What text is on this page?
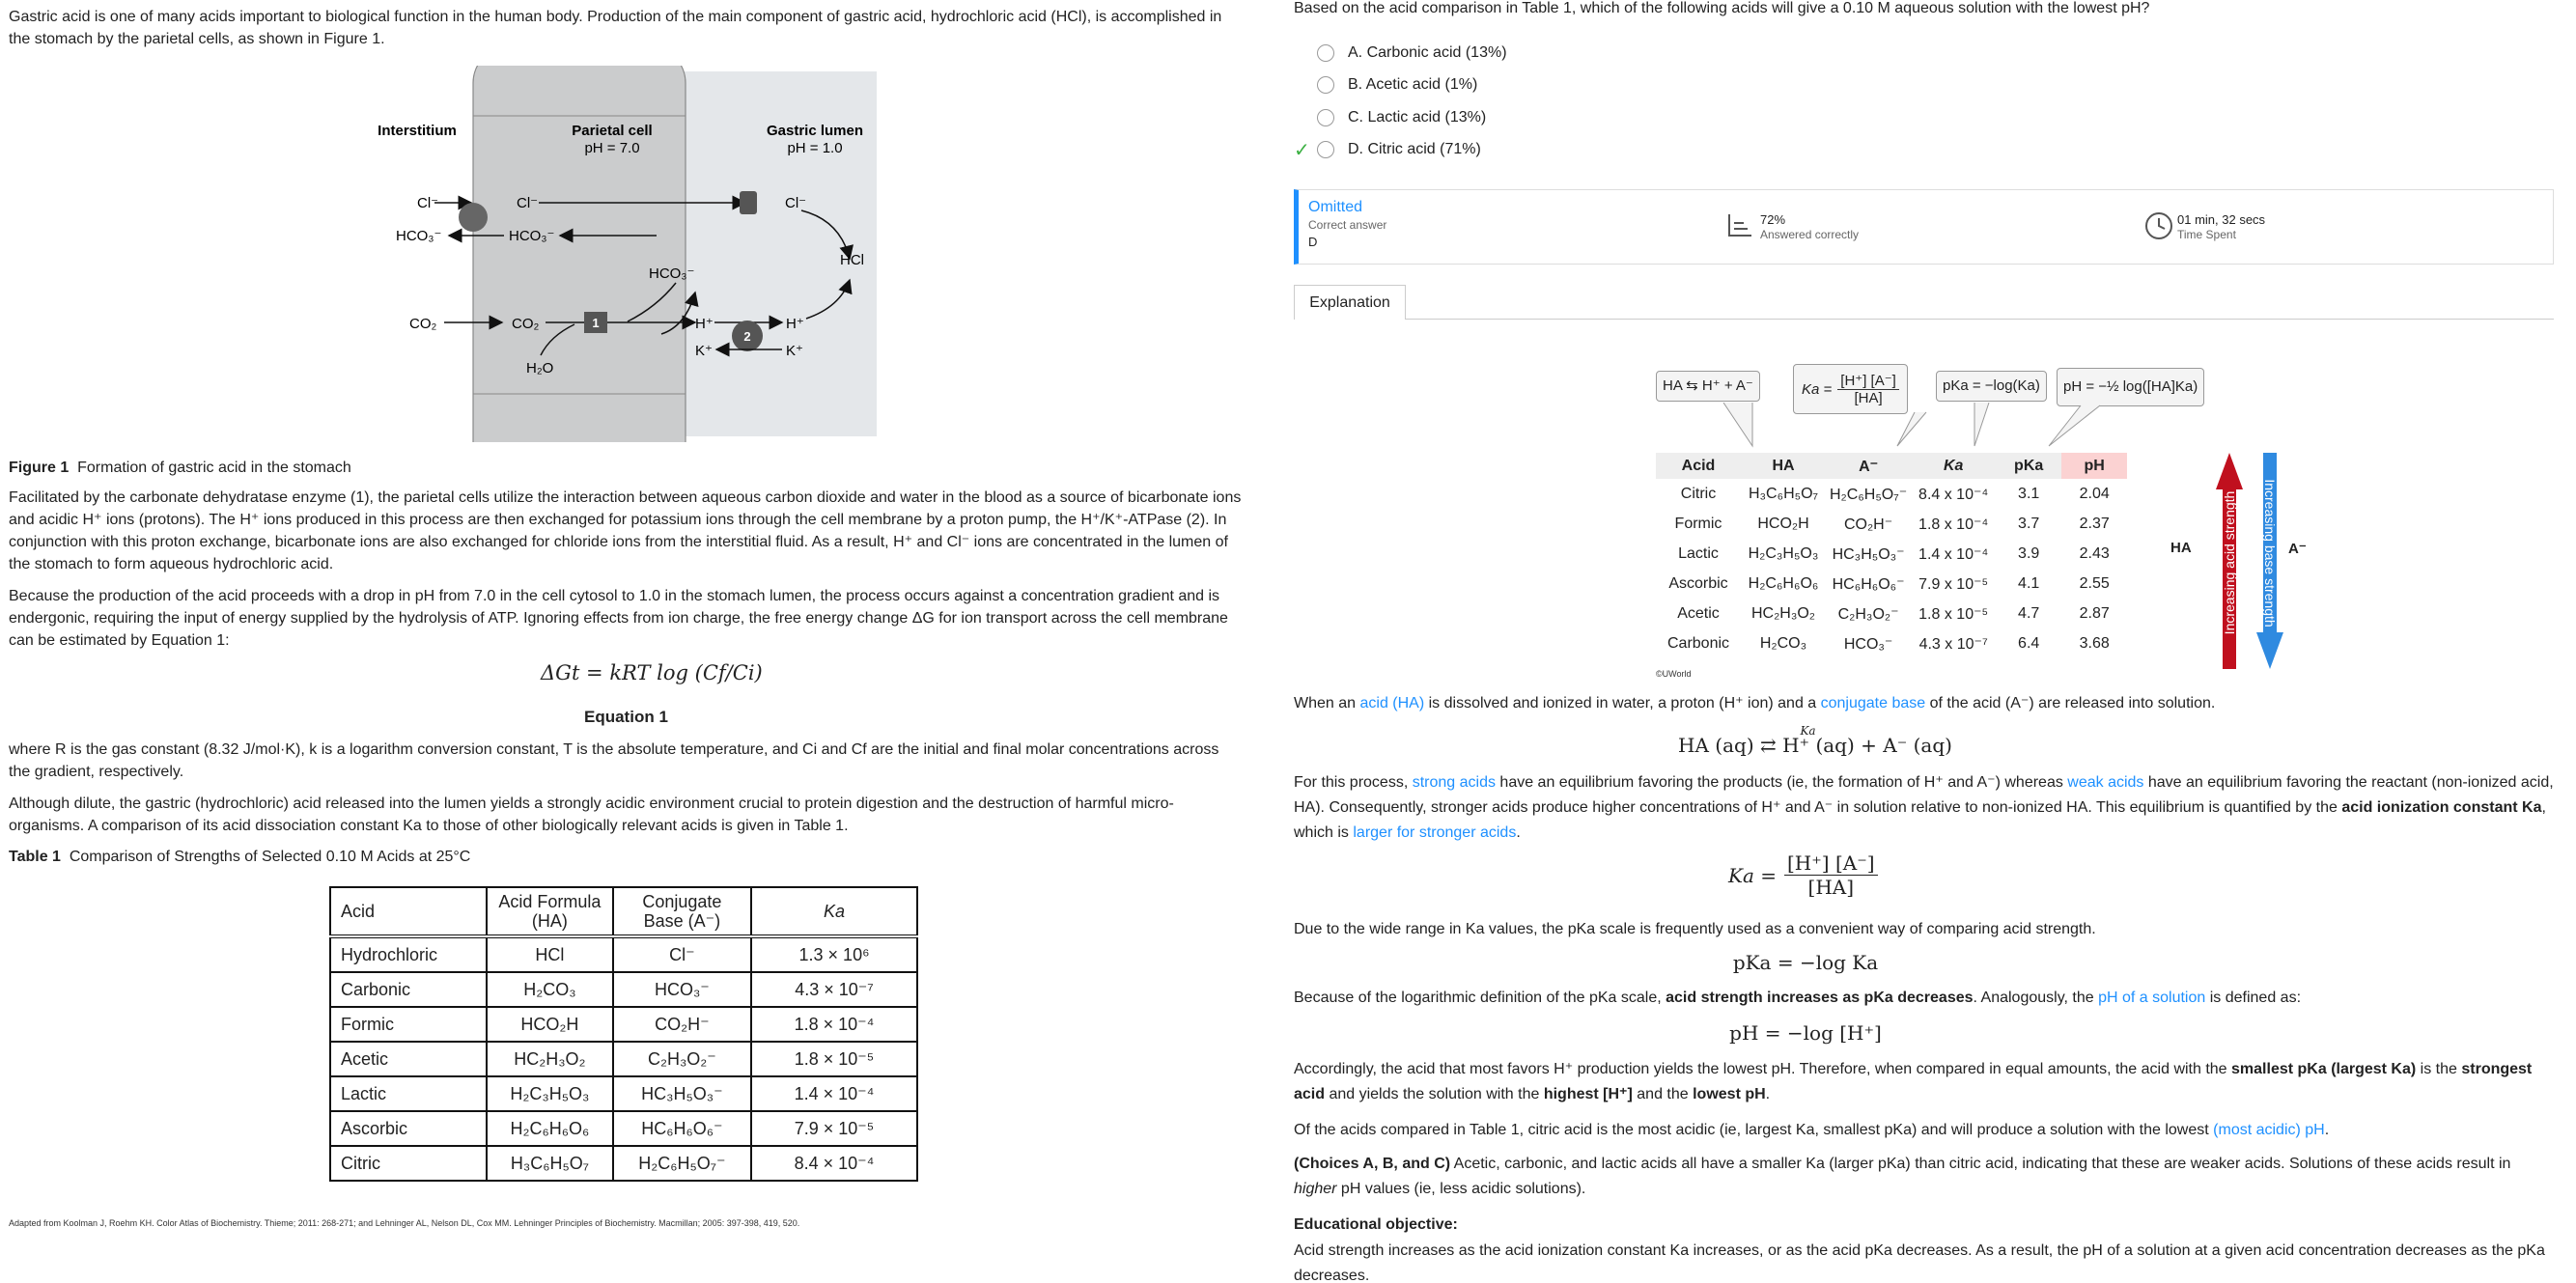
Gastric acid is one of many acids important to biological function in the human body. Production of the main component of gastric acid, hydrochloric acid (HCl), is accomplished in the stomach by the parietal cells, as shown in Figure 1.

Interstitium	Parietal cell
pH = 7.0
Gastric lumen
pH = 1.0
Cl⁻	Cl⁻	Cl⁻
HCl
HCO₃⁻	HCO₃⁻
HCO₃⁻
CO₂	CO₂	1
H₂O
H⁺
2
H⁺
K⁺	K⁺

Figure 1 Formation of gastric acid in the stomach

Facilitated by the carbonate dehydratase enzyme (1), the parietal cells utilize the interaction between aqueous carbon dioxide and water in the blood as a source of bicarbonate ions and acidic H⁺ ions (protons). The H⁺ ions produced in this process are then exchanged for potassium ions through the cell membrane by a proton pump, the H⁺/K⁺-ATPase (2). In conjunction with this proton exchange, bicarbonate ions are also exchanged for chloride ions from the interstitial fluid. As a result, H⁺ and Cl⁻ ions are concentrated in the lumen of the stomach to form aqueous hydrochloric acid.

Because the production of the acid proceeds with a drop in pH from 7.0 in the cell cytosol to 1.0 in the stomach lumen, the process occurs against a concentration gradient and is endergonic, requiring the input of energy supplied by the hydrolysis of ATP. Ignoring effects from ion charge, the free energy change ΔG for ion transport across the cell membrane can be estimated by Equation 1:

ΔGt = kRT log (Cf/Ci)
Equation 1

where R is the gas constant (8.32 J/mol·K), k is a logarithm conversion constant, T is the absolute temperature, and Ci and Cf are the initial and final molar concentrations across the gradient, respectively.

Although dilute, the gastric (hydrochloric) acid released into the lumen yields a strongly acidic environment crucial to protein digestion and the destruction of harmful micro-organisms. A comparison of its acid dissociation constant Ka to those of other biologically relevant acids is given in Table 1.

Table 1 Comparison of Strengths of Selected 0.10 M Acids at 25°C

Acid	Acid Formula (HA)	Conjugate Base (A⁻)	Ka
Hydrochloric	HCl	Cl⁻	1.3 × 10⁶
Carbonic	H₂CO₃	HCO₃⁻	4.3 × 10⁻⁷
Formic	HCO₂H	CO₂H⁻	1.8 × 10⁻⁴
Acetic	HC₂H₃O₂	C₂H₃O₂⁻	1.8 × 10⁻⁵
Lactic	H₂C₃H₅O₃	HC₃H₅O₃⁻	1.4 × 10⁻⁴
Ascorbic	H₂C₆H₆O₆	HC₆H₆O₆⁻	7.9 × 10⁻⁵
Citric	H₃C₆H₅O₇	H₂C₆H₅O₇⁻	8.4 × 10⁻⁴

Adapted from Koolman J, Roehm KH. Color Atlas of Biochemistry. Thieme; 2011: 268-271; and Lehninger AL, Nelson DL, Cox MM. Lehninger Principles of Biochemistry. Macmillan; 2005: 397-398, 419, 520.

Based on the acid comparison in Table 1, which of the following acids will give a 0.10 M aqueous solution with the lowest pH?

A. Carbonic acid (13%)
B. Acetic acid (1%)
C. Lactic acid (13%)
✓	D. Citric acid (71%)
Omitted
Correct answer
D
72%
Answered correctly
01 min, 32 secs
Time Spent
Explanation
HA ⇆ H⁺ + A⁻	$Ka = \frac{[H^+] [A^-]}{[HA]}$	pKa = −log(Ka)	pH = −½ log([HA]Ka)
Acid	HA	A⁻	Ka	pKa	pH
Citric	H₃C₆H₅O₇	H₂C₆H₅O₇⁻	8.4 x 10⁻⁴	3.1	2.04
Formic	HCO₂H	CO₂H⁻	1.8 x 10⁻⁴	3.7	2.37
Lactic	H₂C₃H₅O₃	HC₃H₅O₃⁻	1.4 x 10⁻⁴	3.9	2.43
Ascorbic	H₂C₆H₆O₆	HC₆H₆O₆⁻	7.9 x 10⁻⁵	4.1	2.55
Acetic	HC₂H₃O₂	C₂H₃O₂⁻	1.8 x 10⁻⁵	4.7	2.87
Carbonic	H₂CO₃	HCO₃⁻	4.3 x 10⁻⁷	6.4	3.68
©UWorld
HA	A⁻
Increasing acid strength Increasing base strength

When an acid (HA) is dissolved and ionized in water, a proton (H⁺ ion) and a conjugate base of the acid (A⁻) are released into solution.

Ka
HA (aq) ⇄ H⁺ (aq) + A⁻ (aq)

For this process, strong acids have an equilibrium favoring the products (ie, the formation of H⁺ and A⁻) whereas weak acids have an equilibrium favoring the reactant (non-ionized acid, HA). Consequently, stronger acids produce higher concentrations of H⁺ and A⁻ in solution relative to non-ionized HA. This equilibrium is quantified by the acid ionization constant Ka, which is larger for stronger acids.

$Ka = \frac{[H^+] [A^-]}{[HA]}$

Due to the wide range in Ka values, the pKa scale is frequently used as a convenient way of comparing acid strength.

pKa = −log Ka

Because of the logarithmic definition of the pKa scale, acid strength increases as pKa decreases. Analogously, the pH of a solution is defined as:

pH = −log [H⁺]

Accordingly, the acid that most favors H⁺ production yields the lowest pH. Therefore, when compared in equal amounts, the acid with the smallest pKa (largest Ka) is the strongest acid and yields the solution with the highest [H⁺] and the lowest pH.

Of the acids compared in Table 1, citric acid is the most acidic (ie, largest Ka, smallest pKa) and will produce a solution with the lowest (most acidic) pH.

(Choices A, B, and C) Acetic, carbonic, and lactic acids all have a smaller Ka (larger pKa) than citric acid, indicating that these are weaker acids. Solutions of these acids result in higher pH values (ie, less acidic solutions).

Educational objective:

Acid strength increases as the acid ionization constant Ka increases, or as the acid pKa decreases. As a result, the pH of a solution at a given acid concentration decreases as the pKa decreases.
